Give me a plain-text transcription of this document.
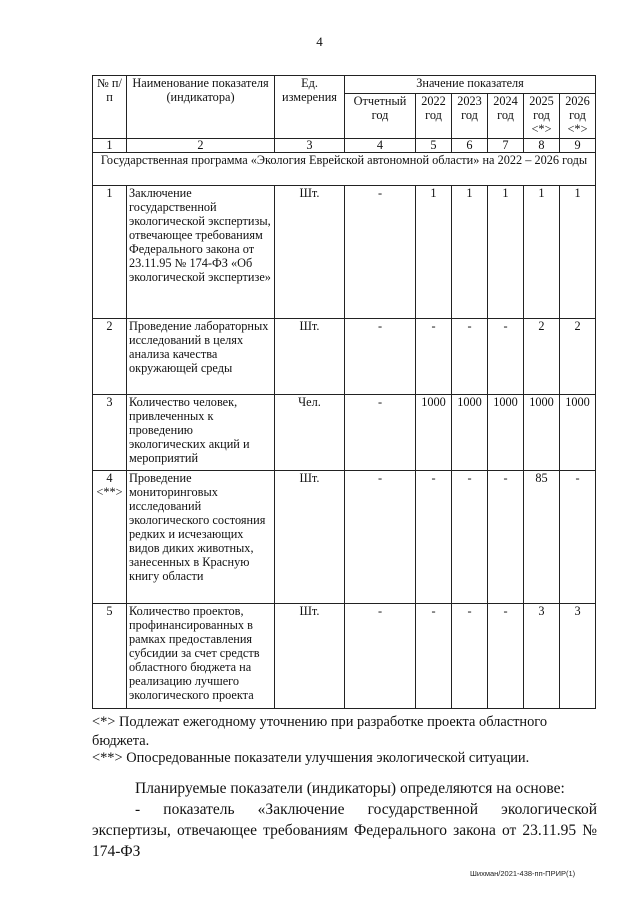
4
№ п/п	Наименование показателя (индикатора)	Ед. измерения	Значение показателя					
			Отчетный год	2022 год	2023 год	2024 год	2025 год <*>	2026 год <*>
1	2	3	4	5	6	7	8	9
Государственная программа «Экология Еврейской автономной области» на 2022 – 2026 годы								
1	Заключение государственной экологической экспертизы, отвечающее требованиям Федерального закона от 23.11.95 № 174-ФЗ «Об экологической экспертизе»	Шт.	-	1	1	1	1	1
2	Проведение лабораторных исследований в целях анализа качества окружающей среды	Шт.	-	-	-	-	2	2
3	Количество человек, привлеченных к проведению экологических акций и мероприятий	Чел.	-	1000	1000	1000	1000	1000
4 <**>	Проведение мониторинговых исследований экологического состояния редких и исчезающих видов диких животных, занесенных в Красную книгу области	Шт.	-	-	-	-	85	-
5	Количество проектов, профинансированных в рамках предоставления субсидии за счет средств областного бюджета на реализацию лучшего экологического проекта	Шт.	-	-	-	-	3	3
<*> Подлежат ежегодному уточнению при разработке проекта областного бюджета.
<**> Опосредованные показатели улучшения экологической ситуации.
Планируемые показатели (индикаторы) определяются на основе:
- показатель «Заключение государственной экологической экспертизы, отвечающее требованиям Федерального закона от 23.11.95 № 174-ФЗ
Шихман/2021-438-пп-ПРИР(1)
